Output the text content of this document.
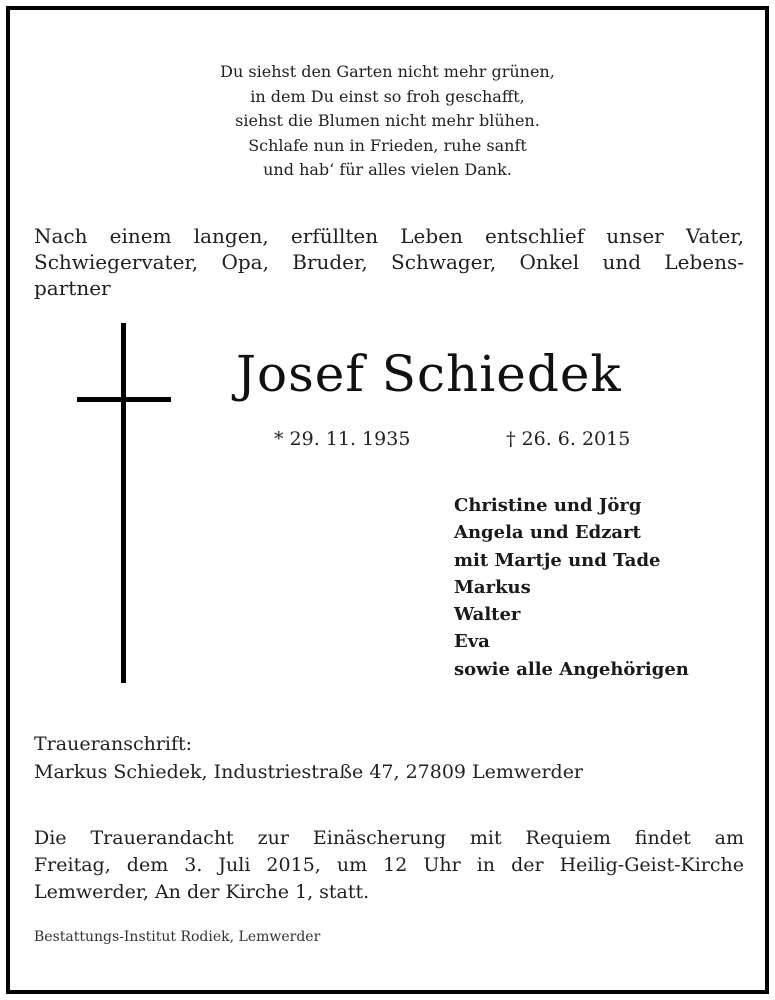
Du siehst den Garten nicht mehr grünen,
in dem Du einst so froh geschafft,
siehst die Blumen nicht mehr blühen.
Schlafe nun in Frieden, ruhe sanft
und hab‘ für alles vielen Dank.
Nach einem langen, erfüllten Leben entschlief unser Vater,
Schwiegervater, Opa, Bruder, Schwager, Onkel und Lebens-
partner
Josef Schiedek
* 29. 11. 1935	† 26. 6. 2015
Christine und Jörg
Angela und Edzart
mit Martje und Tade
Markus
Walter
Eva
sowie alle Angehörigen
Traueranschrift:
Markus Schiedek, Industriestraße 47, 27809 Lemwerder
Die Trauerandacht zur Einäscherung mit Requiem findet am
Freitag, dem 3. Juli 2015, um 12 Uhr in der Heilig-Geist-Kirche
Lemwerder, An der Kirche 1, statt.
Bestattungs-Institut Rodiek, Lemwerder
